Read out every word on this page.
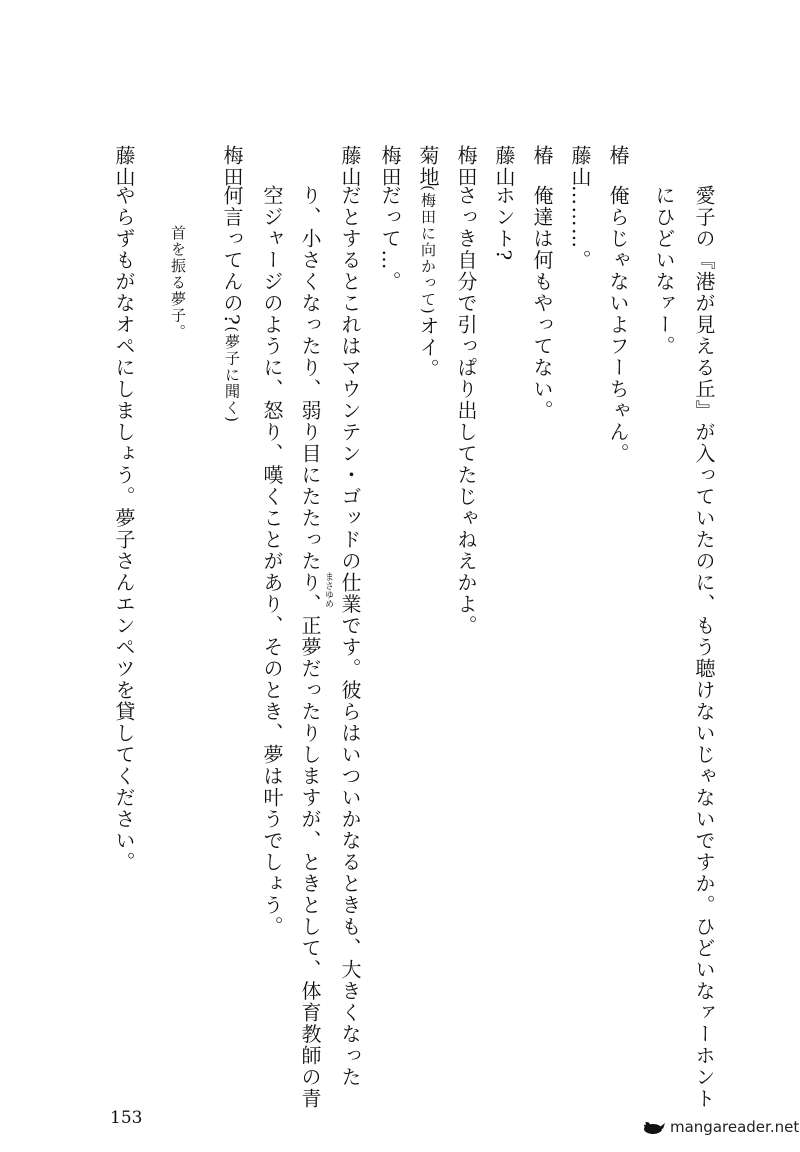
愛子の『港が見える丘』が入っていたのに、もう聴けないじゃないですか。ひどいなァーホント
にひどいなァー。
椿俺らじゃないよフーちゃん。
藤山………。
椿俺達は何もやってない。
藤山ホント?
梅田さっき自分で引っぱり出してたじゃねえかよ。
菊地(梅田に向かって)オイ。
梅田だって…。
藤山だとするとこれはマウンテン・ゴッドの仕業です。彼らはいついかなるときも、大きくなった
り、小さくなったり、弱り目にたたったり、正夢だったりしますが、ときとして、体育教師の青 まさゆめ
空ジャージのように、怒り、嘆くことがあり、そのとき、夢は叶うでしょう。
梅田何言ってんの?(夢子に聞く)
首を振る夢子。
藤山やらずもがなオペにしましょう。夢子さんエンペツを貸してください。
153	mangareader.net
